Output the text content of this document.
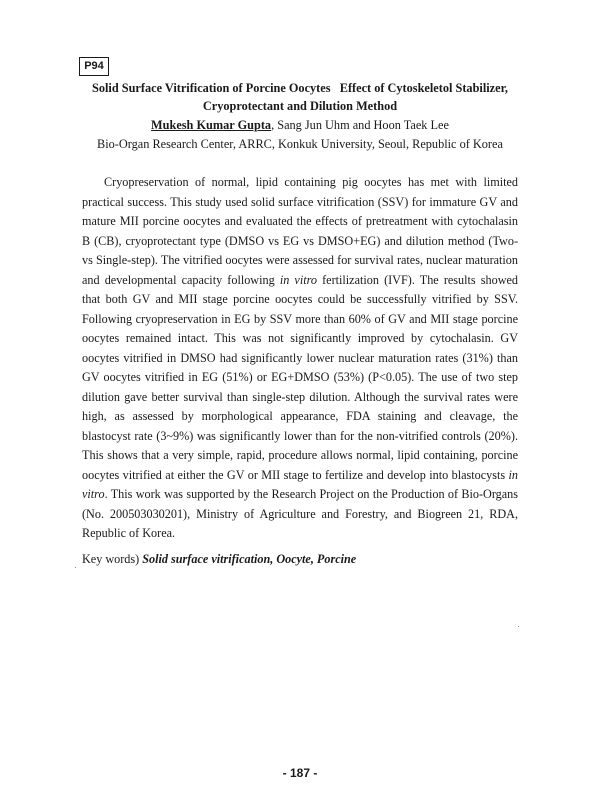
P94
Solid Surface Vitrification of Porcine Oocytes   Effect of Cytoskeletol Stabilizer,
Cryoprotectant and Dilution Method
Mukesh Kumar Gupta, Sang Jun Uhm and Hoon Taek Lee
Bio-Organ Research Center, ARRC, Konkuk University, Seoul, Republic of Korea

Cryopreservation of normal, lipid containing pig oocytes has met with limited practical success. This study used solid surface vitrification (SSV) for immature GV and mature MII porcine oocytes and evaluated the effects of pretreatment with cytochalasin B (CB), cryoprotectant type (DMSO vs EG vs DMSO+EG) and dilution method (Two- vs Single-step). The vitrified oocytes were assessed for survival rates, nuclear maturation and developmental capacity following in vitro fertilization (IVF). The results showed that both GV and MII stage porcine oocytes could be successfully vitrified by SSV. Following cryopreservation in EG by SSV more than 60% of GV and MII stage porcine oocytes remained intact. This was not significantly improved by cytochalasin. GV oocytes vitrified in DMSO had significantly lower nuclear maturation rates (31%) than GV oocytes vitrified in EG (51%) or EG+DMSO (53%) (P<0.05). The use of two step dilution gave better survival than single-step dilution. Although the survival rates were high, as assessed by morphological appearance, FDA staining and cleavage, the blastocyst rate (3~9%) was significantly lower than for the non-vitrified controls (20%). This shows that a very simple, rapid, procedure allows normal, lipid containing, porcine oocytes vitrified at either the GV or MII stage to fertilize and develop into blastocysts in vitro. This work was supported by the Research Project on the Production of Bio-Organs (No. 200503030201), Ministry of Agriculture and Forestry, and Biogreen 21, RDA, Republic of Korea.

Key words) Solid surface vitrification, Oocyte, Porcine

- 187 -
